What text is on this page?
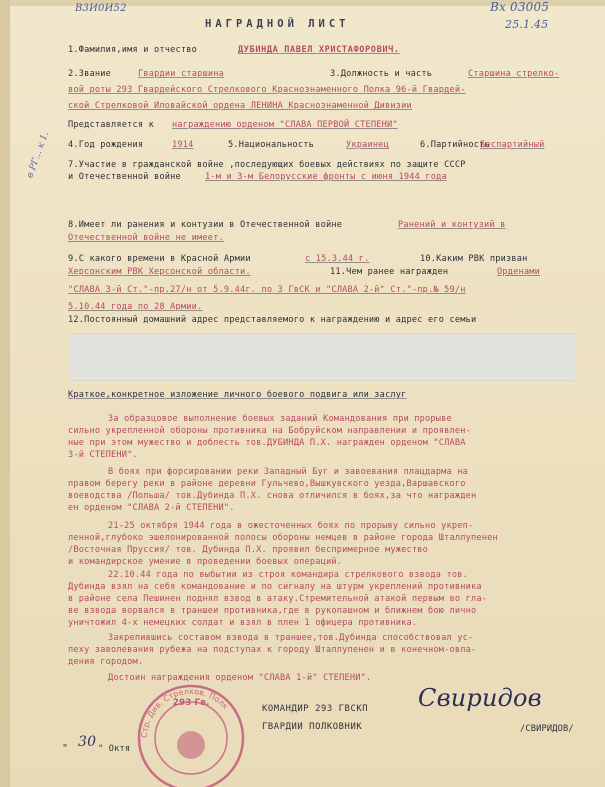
В3И0И52	Вх 03005
25.1.45
НАГРАДНОЙ ЛИСТ
1.Фамилия,имя и отчество	ДУБИНДА ПАВЕЛ ХРИСТАФОРОВИЧ.
2.Звание	Гвардии старшина	3.Должность и часть	Старшина стрелко-
вой роты 293 Гвардейского Стрелкового Краснознаменного Полка 96-й Гвардей-
ской Стрелковой Иловайской ордена ЛЕНИНА Краснознаменной Дивизии
Представляется к награждению орденом "СЛАВА ПЕРВОЙ СТЕПЕНИ"
4.Год рождения	1914	5.Национальность	Украинец	6.Партийность
Беспартийный
7.Участие в гражданской войне ,последующих боевых действиях по защите СССР
и Отечественной войне	1-м и 3-м Белорусские фронты с июня 1944 года
8.Имеет ли ранения и контузии в Отечественной войне	Ранений и контузий в
Отечественной войне не имеет.
9.С какого времени в Красной Армии	с 15.3.44 г.	10.Каким РВК призван
Херсонским РВК Херсонской области.	11.Чем ранее награжден	Орденами
"СЛАВА 3-й Ст."-пр.27/н от 5.9.44г. по 3 ГвСК и "СЛАВА 2-й" Ст."-пр.№ 59/н
5.10.44 года по 28 Армии.
12.Постоянный домашний адрес представляемого к награждению и адрес его семьи
Краткое,конкретное изложение личного боевого подвига или заслуг
За образцовое выполнение боевых заданий Командования при прорыве
сильно укрепленной обороны противника на Бобруйском направлении и проявлен-
ные при этом мужество и доблесть тов.ДУБИНДА П.Х. награжден орденом "СЛАВА
3-й СТЕПЕНИ".
В боях при форсировании реки Западный Буг и завоевания плацдарма на
правом берегу реки в районе деревни Гульчево,Вышкувского уезда,Варшавского
воеводства /Польша/ тов.Дубинда П.Х. снова отличился в боях,за что награжден
ен орденом "СЛАВА 2-й СТЕПЕНИ".
21-25 октября 1944 года в ожесточенных боях по прорыву сильно укреп-
ленной,глубоко эшелонированной полосы обороны немцев в районе города Шталлупенен
/Восточная Пруссия/ тов. Дубинда П.Х. проявил беспримерное мужество
и командирское умение в проведении боевых операций.
22.10.44 года по выбытии из строя командира стрелкового взвода тов.
Дубинда взял на себя командование и по сигналу на штурм укреплений противника
в районе села Пешинен поднял взвод в атаку.Стремительной атакой первым во гла-
ве взвода ворвался в траншеи противника,где в рукопашном и ближнем бою лично
уничтожил 4-х немецких солдат и взял в плен 1 офицера противника.
Закрепившись составом взвода в траншее,тов.Дубинда способствовал ус-
пеху заволевания рубежа на подступах к городу Шталлупенен и в конечном-овла-
дения городом.
Достоин награждения орденом "СЛАВА 1-й" СТЕПЕНИ".
в РГ... к 1.
Стр. Див. Стрелков. Полк
293 Гв.
КОМАНДИР 293 ГВСКП
ГВАРДИИ ПОЛКОВНИК
Свиридов
/СВИРИДОВ/
" 30 " Октя
